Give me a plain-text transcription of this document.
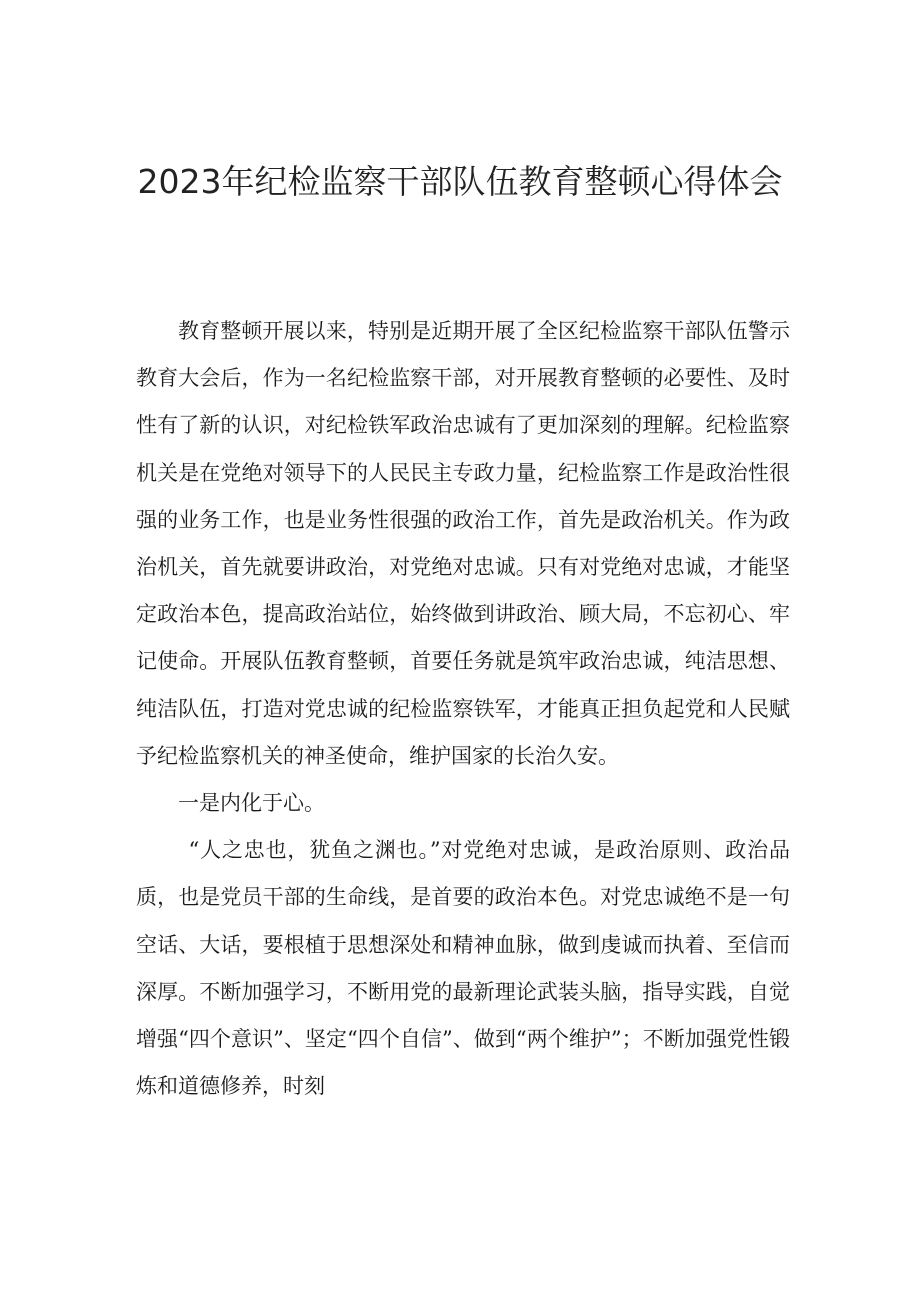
2023年纪检监察干部队伍教育整顿心得体会

教育整顿开展以来，特别是近期开展了全区纪检监察干部队伍警示教育大会后，作为一名纪检监察干部，对开展教育整顿的必要性、及时性有了新的认识，对纪检铁军政治忠诚有了更加深刻的理解。纪检监察机关是在党绝对领导下的人民民主专政力量，纪检监察工作是政治性很强的业务工作，也是业务性很强的政治工作，首先是政治机关。作为政治机关，首先就要讲政治，对党绝对忠诚。只有对党绝对忠诚，才能坚定政治本色，提高政治站位，始终做到讲政治、顾大局，不忘初心、牢记使命。开展队伍教育整顿，首要任务就是筑牢政治忠诚，纯洁思想、纯洁队伍，打造对党忠诚的纪检监察铁军，才能真正担负起党和人民赋予纪检监察机关的神圣使命，维护国家的长治久安。

一是内化于心。

“人之忠也，犹鱼之渊也。”对党绝对忠诚，是政治原则、政治品质，也是党员干部的生命线，是首要的政治本色。对党忠诚绝不是一句空话、大话，要根植于思想深处和精神血脉，做到虔诚而执着、至信而深厚。不断加强学习，不断用党的最新理论武装头脑，指导实践，自觉增强“四个意识”、坚定“四个自信”、做到“两个维护”；不断加强党性锻炼和道德修养，时刻
